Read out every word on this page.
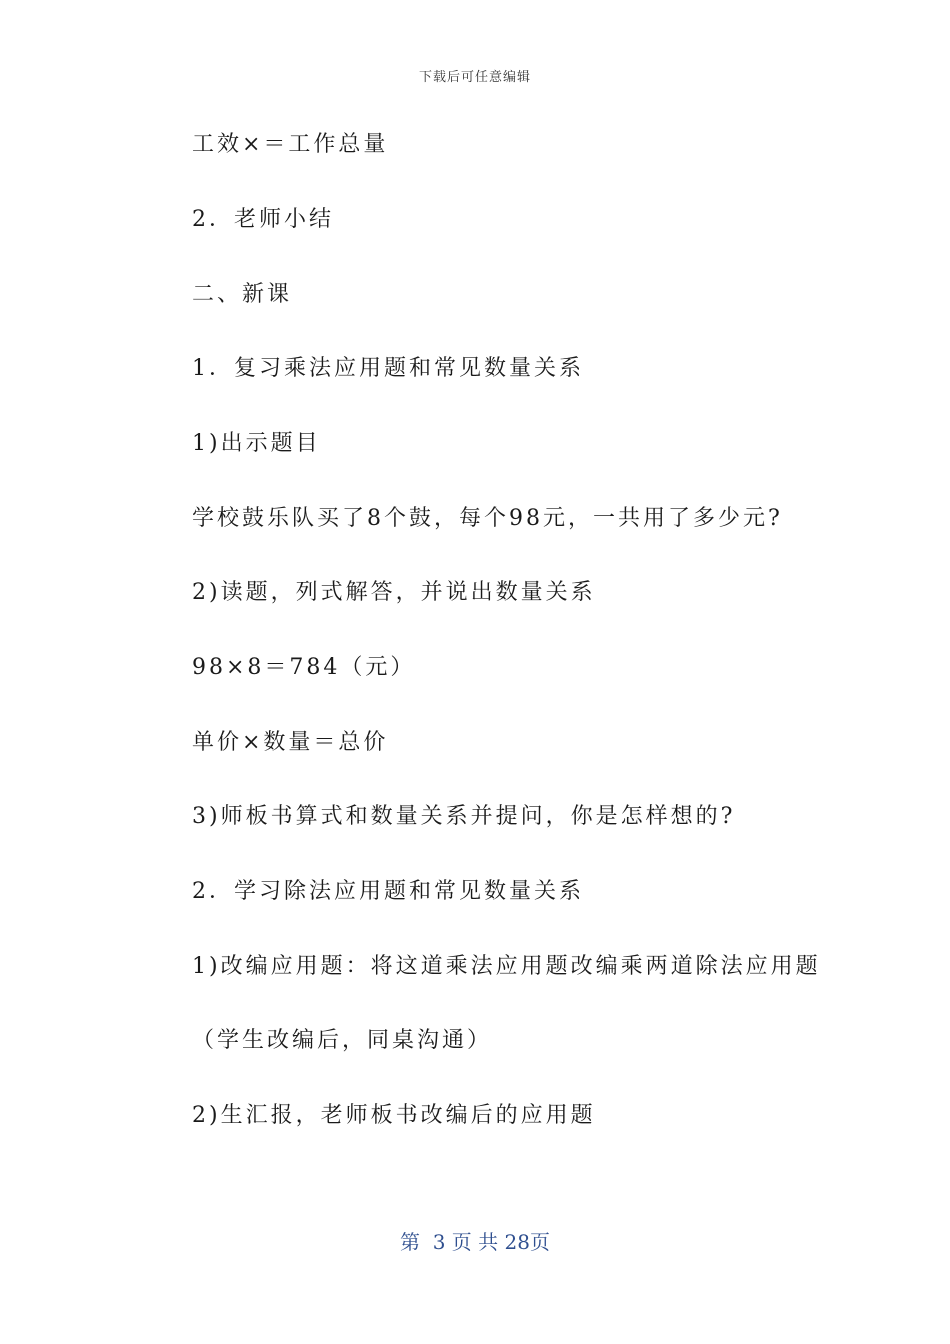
下载后可任意编辑
工效×＝工作总量
2．老师小结
二、新课
1．复习乘法应用题和常见数量关系
1)出示题目
学校鼓乐队买了8个鼓，每个98元，一共用了多少元?
2)读题，列式解答，并说出数量关系
98×8＝784（元）
单价×数量＝总价
3)师板书算式和数量关系并提问，你是怎样想的?
2．学习除法应用题和常见数量关系
1)改编应用题：将这道乘法应用题改编乘两道除法应用题
（学生改编后，同桌沟通）
2)生汇报，老师板书改编后的应用题
第  3 页 共 28页
